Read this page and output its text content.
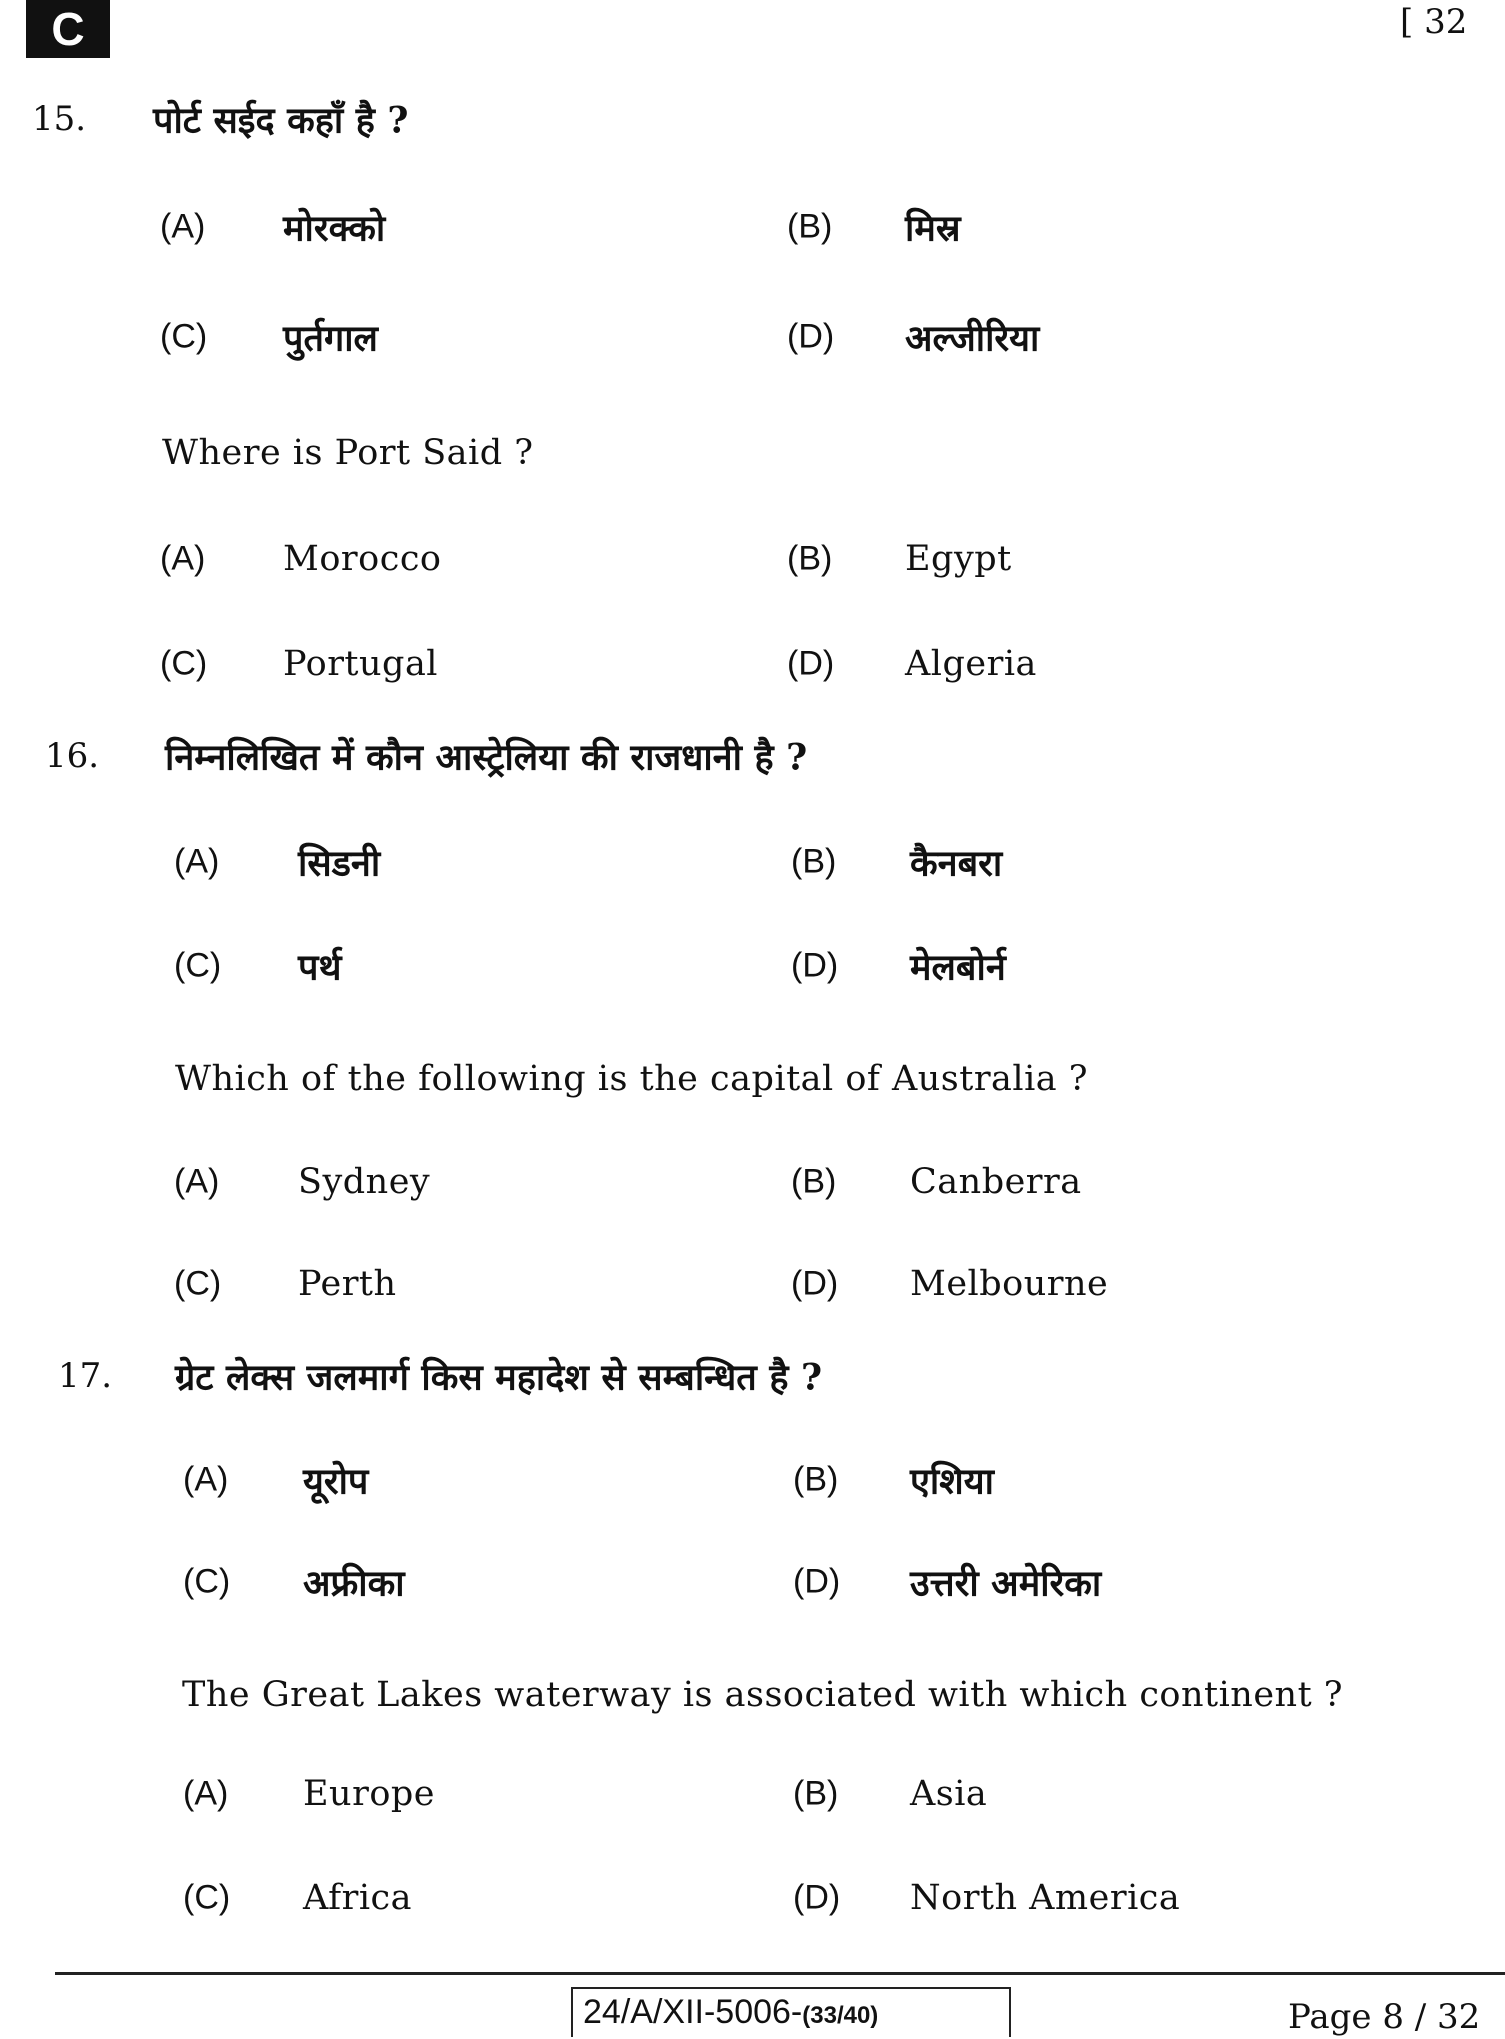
C	[ 32
15. पोर्ट सईद कहाँ है ?
Where is Port Said ?
(A) मोरक्को	(B) मिस्र
(C) पुर्तगाल	(D) अल्जीरिया
(A) Morocco	(B) Egypt
(C) Portugal	(D) Algeria
16. निम्नलिखित में कौन आस्ट्रेलिया की राजधानी है ?
Which of the following is the capital of Australia ?
(A) सिडनी	(B) कैनबरा
(C) पर्थ	(D) मेलबोर्न
(A) Sydney	(B) Canberra
(C) Perth	(D) Melbourne
17. ग्रेट लेक्स जलमार्ग किस महादेश से सम्बन्धित है ?
The Great Lakes waterway is associated with which continent ?
(A) यूरोप	(B) एशिया
(C) अफ्रीका	(D) उत्तरी अमेरिका
(A) Europe	(B) Asia
(C) Africa	(D) North America
24/A/XII-5006-(33/40)	Page 8 / 32
